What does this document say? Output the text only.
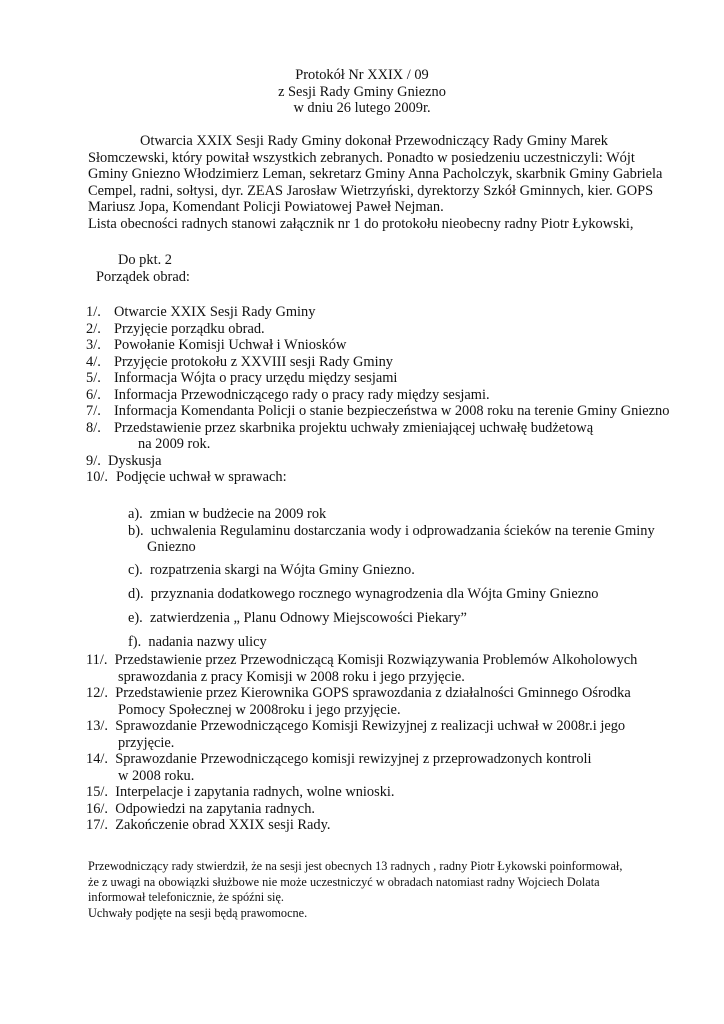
Protokół Nr XXIX / 09
z Sesji Rady Gminy Gniezno
w dniu 26 lutego 2009r.

Otwarcia XXIX Sesji Rady Gminy dokonał Przewodniczący Rady Gminy Marek

Słomczewski, który powitał wszystkich zebranych. Ponadto w posiedzeniu uczestniczyli: Wójt

Gminy Gniezno Włodzimierz Leman, sekretarz Gminy Anna Pacholczyk, skarbnik Gminy Gabriela

Cempel, radni, sołtysi, dyr. ZEAS Jarosław Wietrzyński, dyrektorzy Szkół Gminnych, kier. GOPS

Mariusz Jopa, Komendant Policji Powiatowej Paweł Nejman.

Lista obecności radnych stanowi załącznik nr 1 do protokołu nieobecny radny Piotr Łykowski,

Do pkt. 2
Porządek obrad:
1/. Otwarcie XXIX Sesji Rady Gminy
2/. Przyjęcie porządku obrad.
3/. Powołanie Komisji Uchwał i Wniosków
4/. Przyjęcie protokołu z XXVIII sesji Rady Gminy
5/. Informacja Wójta o pracy urzędu między sesjami
6/. Informacja Przewodniczącego rady o pracy rady między sesjami.
7/. Informacja Komendanta Policji o stanie bezpieczeństwa w 2008 roku na terenie Gminy Gniezno
8/. Przedstawienie przez skarbnika projektu uchwały zmieniającej uchwałę budżetową
na 2009 rok.
9/. Dyskusja
10/. Podjęcie uchwał w sprawach:
a). zmian w budżecie na 2009 rok
b). uchwalenia Regulaminu dostarczania wody i odprowadzania ścieków na terenie Gminy
Gniezno
c). rozpatrzenia skargi na Wójta Gminy Gniezno.
d). przyznania dodatkowego rocznego wynagrodzenia dla Wójta Gminy Gniezno
e). zatwierdzenia „ Planu Odnowy Miejscowości Piekary”
f). nadania nazwy ulicy
11/. Przedstawienie przez Przewodniczącą Komisji Rozwiązywania Problemów Alkoholowych
sprawozdania z pracy Komisji w 2008 roku i jego przyjęcie.
12/. Przedstawienie przez Kierownika GOPS sprawozdania z działalności Gminnego Ośrodka
Pomocy Społecznej w 2008roku i jego przyjęcie.
13/. Sprawozdanie Przewodniczącego Komisji Rewizyjnej z realizacji uchwał w 2008r.i jego
przyjęcie.
14/. Sprawozdanie Przewodniczącego komisji rewizyjnej z przeprowadzonych kontroli
w 2008 roku.
15/. Interpelacje i zapytania radnych, wolne wnioski.
16/. Odpowiedzi na zapytania radnych.
17/. Zakończenie obrad XXIX sesji Rady.
Przewodniczący rady stwierdził, że na sesji jest obecnych 13 radnych , radny Piotr Łykowski poinformował,
że z uwagi na obowiązki służbowe nie może uczestniczyć w obradach natomiast radny Wojciech Dolata
informował telefonicznie, że spóźni się.
Uchwały podjęte na sesji będą prawomocne.
